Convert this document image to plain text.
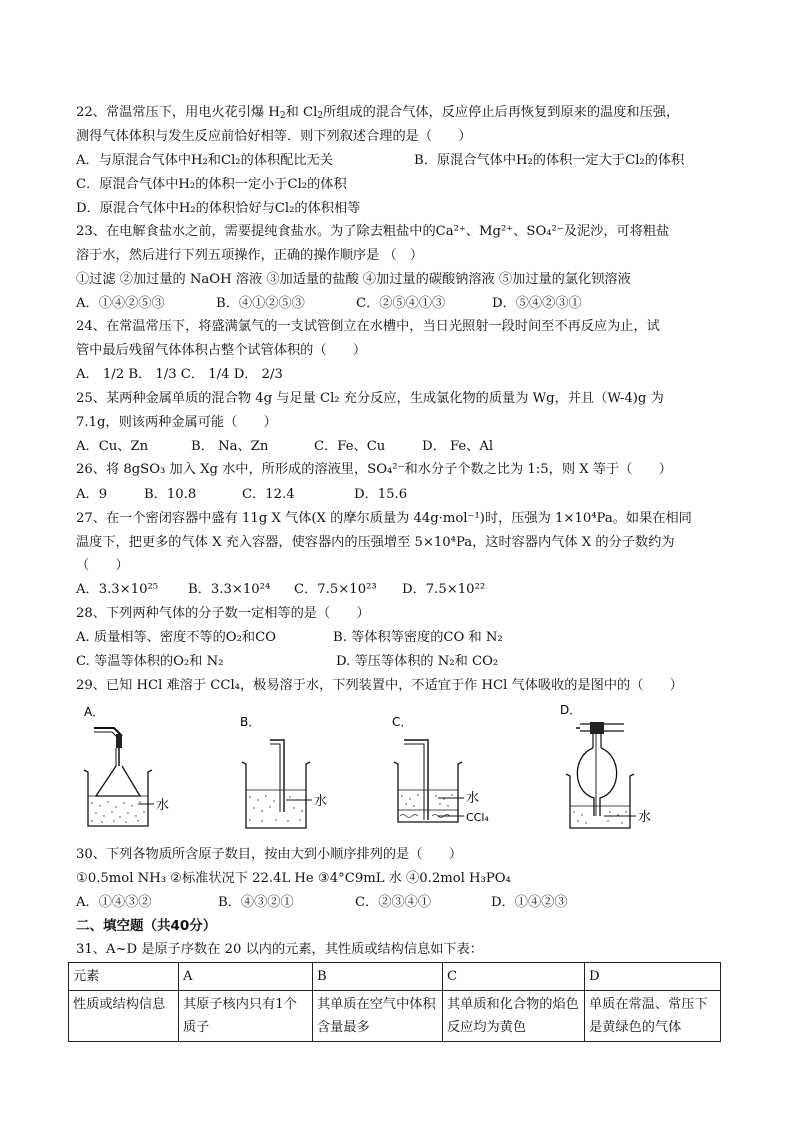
22、常温常压下，用电火花引爆 $H_2$和 $Cl_2$所组成的混合气体，反应停止后再恢复到原来的温度和压强，
测得气体体积与发生反应前恰好相等．则下列叙述合理的是（　　）
A．与原混合气体中H₂和Cl₂的体积配比无关	B．原混合气体中H₂的体积一定大于Cl₂的体积
C．原混合气体中H₂的体积一定小于Cl₂的体积
D．原混合气体中H₂的体积恰好与Cl₂的体积相等
23、在电解食盐水之前，需要提纯食盐水。为了除去粗盐中的Ca²⁺、Mg²⁺、SO₄²⁻及泥沙，可将粗盐
溶于水，然后进行下列五项操作，正确的操作顺序是 （　）
①过滤 ②加过量的 NaOH 溶液 ③加适量的盐酸 ④加过量的碳酸钠溶液 ⑤加过量的氯化钡溶液
A．①④②⑤③	B．④①②⑤③	C．②⑤④①③	D．⑤④②③①
24、在常温常压下，将盛满氯气的一支试管倒立在水槽中，当日光照射一段时间至不再反应为止，试
管中最后残留气体体积占整个试管体积的（　　）
A． 1/2 B． 1/3 C． 1/4 D． 2/3
25、某两种金属单质的混合物 4g 与足量 Cl₂ 充分反应，生成氯化物的质量为 Wg，并且（W-4)g 为
7.1g，则该两种金属可能（　　）
A．Cu、Zn	B． Na、Zn	C．Fe、Cu	D． Fe、Al
26、将 8gSO₃ 加入 Xg 水中，所形成的溶液里，SO₄²⁻和水分子个数之比为 1:5，则 X 等于（　　）
A．9	B．10.8	C．12.4	D．15.6
27、在一个密闭容器中盛有 11g X 气体(X 的摩尔质量为 44g·mol⁻¹)时，压强为 1×10⁴Pa。如果在相同
温度下，把更多的气体 X 充入容器，使容器内的压强增至 5×10⁴Pa，这时容器内气体 X 的分子数约为
（　　）
A．3.3×10²⁵ B．3.3×10²⁴ C．7.5×10²³ D．7.5×10²²
28、下列两种气体的分子数一定相等的是（　　）
A. 质量相等、密度不等的O₂和CO	B. 等体积等密度的CO 和 N₂
C. 等温等体积的O₂和 N₂	D. 等压等体积的 N₂和 CO₂
29、已知 HCl 难溶于 CCl₄，极易溶于水，下列装置中，不适宜于作 HCl 气体吸收的是图中的（　　）
A．
水
B．
水
C．
水
CCl₄
D．
水
30、下列各物质所含原子数目，按由大到小顺序排列的是（　　）
①0.5mol NH₃ ②标准状况下 22.4L He ③4°C9mL 水 ④0.2mol H₃PO₄
A．①④③②	B．④③②①	C．②③④①	D．①④②③
二、填空题（共40分）
31、A~D 是原子序数在 20 以内的元素，其性质或结构信息如下表：
元素	A	B	C	D
性质或结构信息	其原子核内只有1个质子	其单质在空气中体积含量最多	其单质和化合物的焰色反应均为黄色	单质在常温、常压下是黄绿色的气体
